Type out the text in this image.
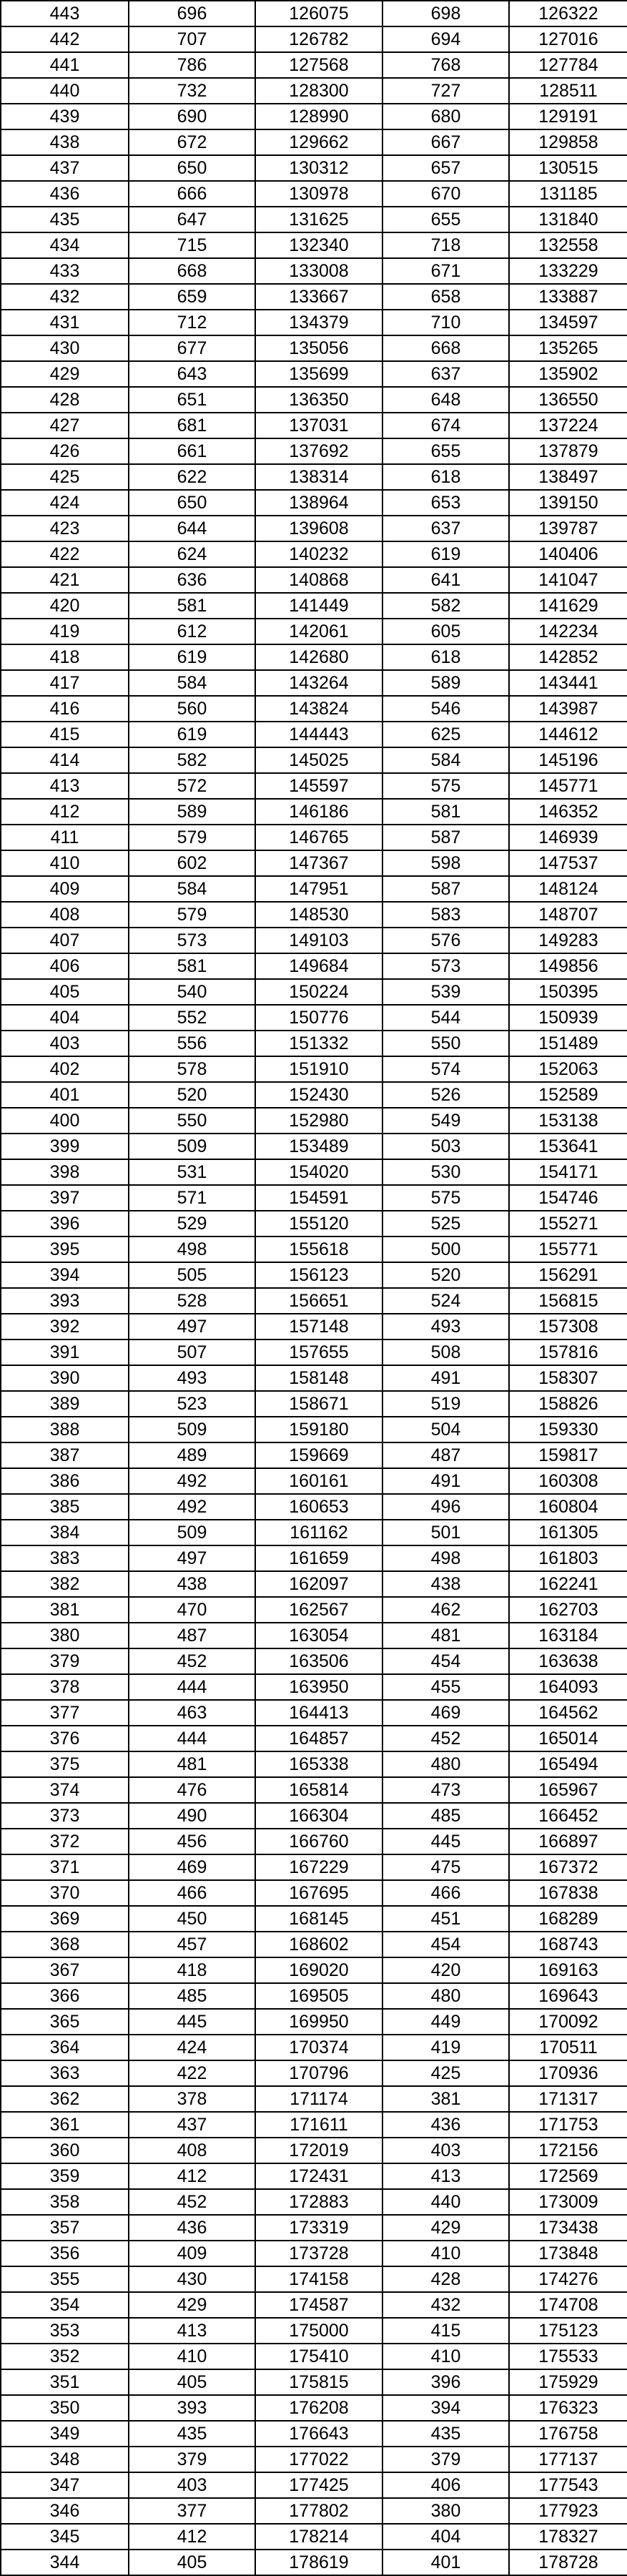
443	696	126075	698	126322
442	707	126782	694	127016
441	786	127568	768	127784
440	732	128300	727	128511
439	690	128990	680	129191
438	672	129662	667	129858
437	650	130312	657	130515
436	666	130978	670	131185
435	647	131625	655	131840
434	715	132340	718	132558
433	668	133008	671	133229
432	659	133667	658	133887
431	712	134379	710	134597
430	677	135056	668	135265
429	643	135699	637	135902
428	651	136350	648	136550
427	681	137031	674	137224
426	661	137692	655	137879
425	622	138314	618	138497
424	650	138964	653	139150
423	644	139608	637	139787
422	624	140232	619	140406
421	636	140868	641	141047
420	581	141449	582	141629
419	612	142061	605	142234
418	619	142680	618	142852
417	584	143264	589	143441
416	560	143824	546	143987
415	619	144443	625	144612
414	582	145025	584	145196
413	572	145597	575	145771
412	589	146186	581	146352
411	579	146765	587	146939
410	602	147367	598	147537
409	584	147951	587	148124
408	579	148530	583	148707
407	573	149103	576	149283
406	581	149684	573	149856
405	540	150224	539	150395
404	552	150776	544	150939
403	556	151332	550	151489
402	578	151910	574	152063
401	520	152430	526	152589
400	550	152980	549	153138
399	509	153489	503	153641
398	531	154020	530	154171
397	571	154591	575	154746
396	529	155120	525	155271
395	498	155618	500	155771
394	505	156123	520	156291
393	528	156651	524	156815
392	497	157148	493	157308
391	507	157655	508	157816
390	493	158148	491	158307
389	523	158671	519	158826
388	509	159180	504	159330
387	489	159669	487	159817
386	492	160161	491	160308
385	492	160653	496	160804
384	509	161162	501	161305
383	497	161659	498	161803
382	438	162097	438	162241
381	470	162567	462	162703
380	487	163054	481	163184
379	452	163506	454	163638
378	444	163950	455	164093
377	463	164413	469	164562
376	444	164857	452	165014
375	481	165338	480	165494
374	476	165814	473	165967
373	490	166304	485	166452
372	456	166760	445	166897
371	469	167229	475	167372
370	466	167695	466	167838
369	450	168145	451	168289
368	457	168602	454	168743
367	418	169020	420	169163
366	485	169505	480	169643
365	445	169950	449	170092
364	424	170374	419	170511
363	422	170796	425	170936
362	378	171174	381	171317
361	437	171611	436	171753
360	408	172019	403	172156
359	412	172431	413	172569
358	452	172883	440	173009
357	436	173319	429	173438
356	409	173728	410	173848
355	430	174158	428	174276
354	429	174587	432	174708
353	413	175000	415	175123
352	410	175410	410	175533
351	405	175815	396	175929
350	393	176208	394	176323
349	435	176643	435	176758
348	379	177022	379	177137
347	403	177425	406	177543
346	377	177802	380	177923
345	412	178214	404	178327
344	405	178619	401	178728
